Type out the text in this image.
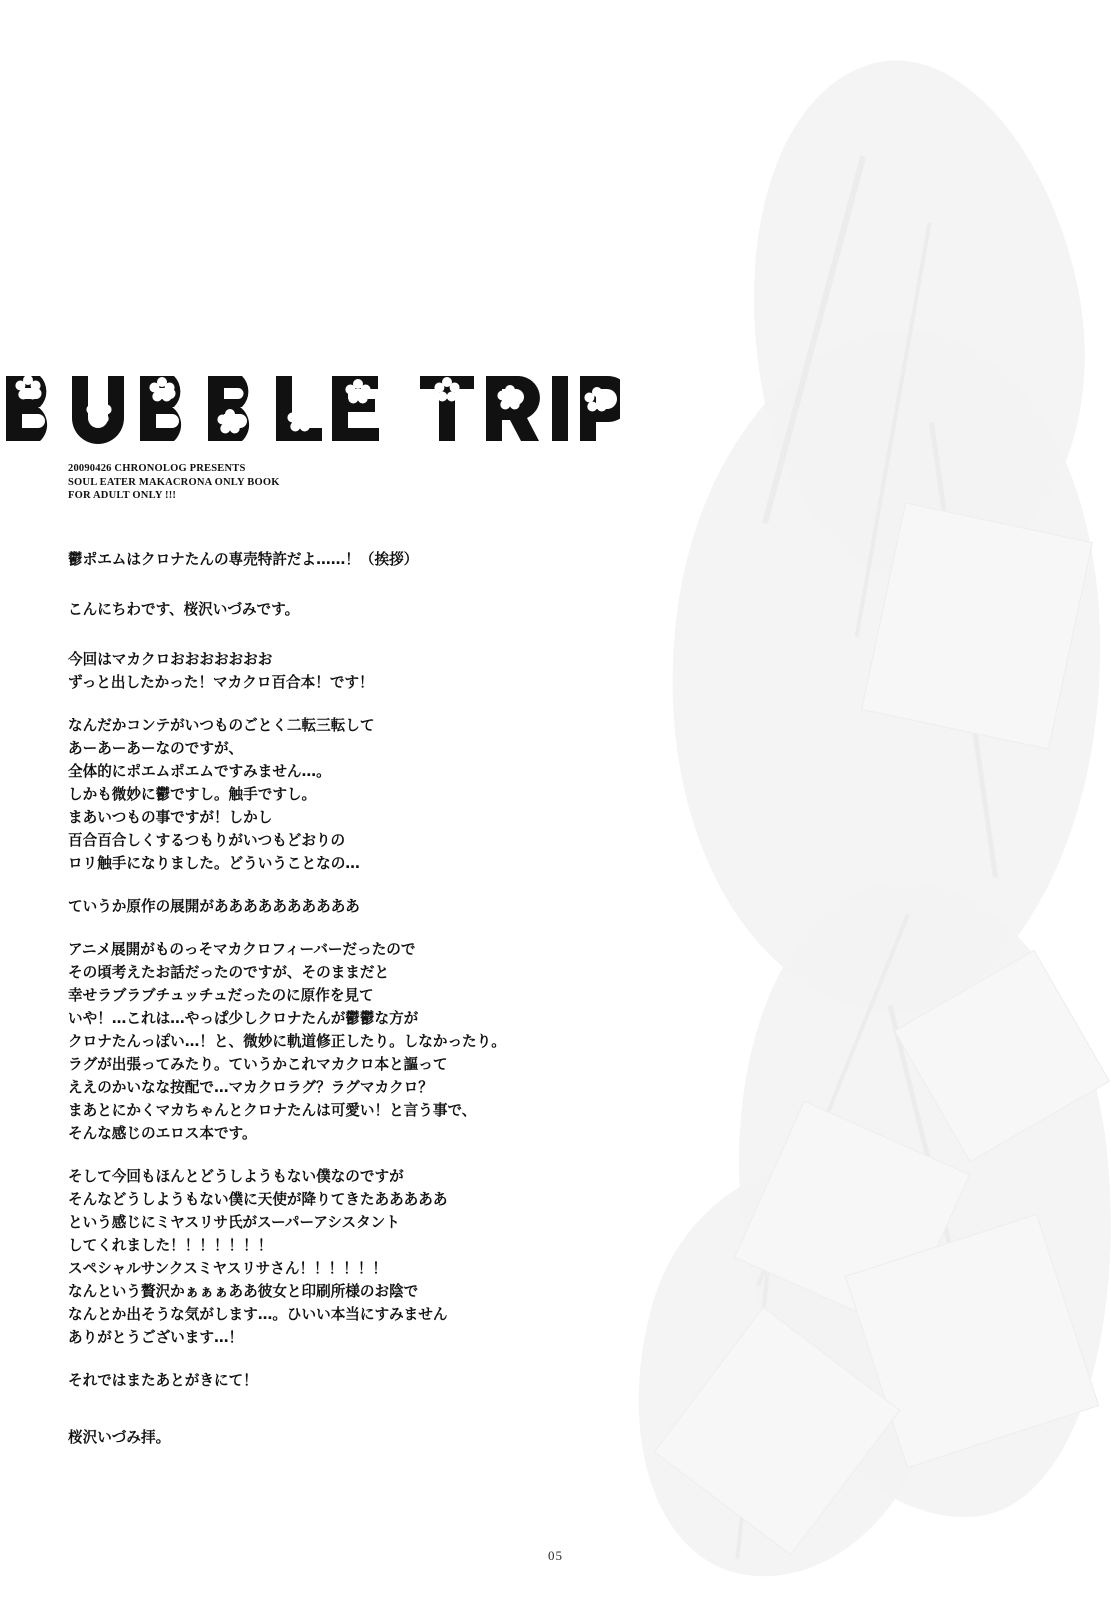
20090426 CHRONOLOG PRESENTS
SOUL EATER MAKACRONA ONLY BOOK
FOR ADULT ONLY !!!
鬱ポエムはクロナたんの専売特許だよ……！（挨拶）
こんにちわです、桜沢いづみです。
今回はマカクロおおおおおおお
ずっと出したかった！マカクロ百合本！です！
なんだかコンテがいつものごとく二転三転して
あーあーあーなのですが、
全体的にポエムポエムですみません…。
しかも微妙に鬱ですし。触手ですし。
まあいつもの事ですが！しかし
百合百合しくするつもりがいつもどおりの
ロリ触手になりました。どういうことなの…
ていうか原作の展開がああああああああああ
アニメ展開がものっそマカクロフィーバーだったので
その頃考えたお話だったのですが、そのままだと
幸せラブラブチュッチュだったのに原作を見て
いや！…これは…やっぱ少しクロナたんが鬱鬱な方が
クロナたんっぽい…！と、微妙に軌道修正したり。しなかったり。
ラグが出張ってみたり。ていうかこれマカクロ本と謳って
ええのかいなな按配で…マカクロラグ？ラグマカクロ？
まあとにかくマカちゃんとクロナたんは可愛い！と言う事で、
そんな感じのエロス本です。
そして今回もほんとどうしようもない僕なのですが
そんなどうしようもない僕に天使が降りてきたあああああ
という感じにミヤスリサ氏がスーパーアシスタント
してくれました！！！！！！！
スペシャルサンクスミヤスリサさん！！！！！！
なんという贅沢かぁぁぁああ彼女と印刷所様のお陰で
なんとか出そうな気がします…。ひいい本当にすみません
ありがとうございます…！
それではまたあとがきにて！
桜沢いづみ拝。
05
